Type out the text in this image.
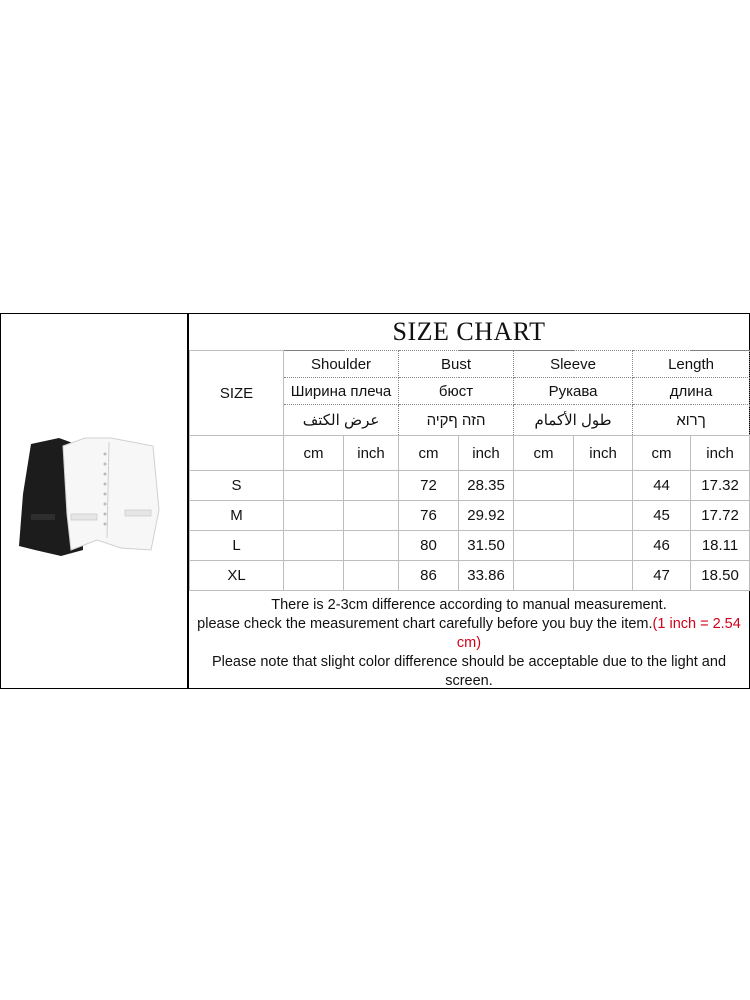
SIZE CHART
SIZE	Shoulder		Bust		Sleeve		Length	
	Ширина плеча		бюст		Рукава		длина	
	عرض الكتف		הזה ףקיה		طول الأكمام		ךרוא	
	cm	inch	cm	inch	cm	inch	cm	inch
S			72	28.35			44	17.32
M			76	29.92			45	17.72
L			80	31.50			46	18.11
XL			86	33.86			47	18.50
There is 2-3cm difference according to manual measurement.
please check the measurement chart carefully before you buy the item.(1 inch = 2.54 cm)
Please note that slight color difference should be acceptable due to the light and screen.
